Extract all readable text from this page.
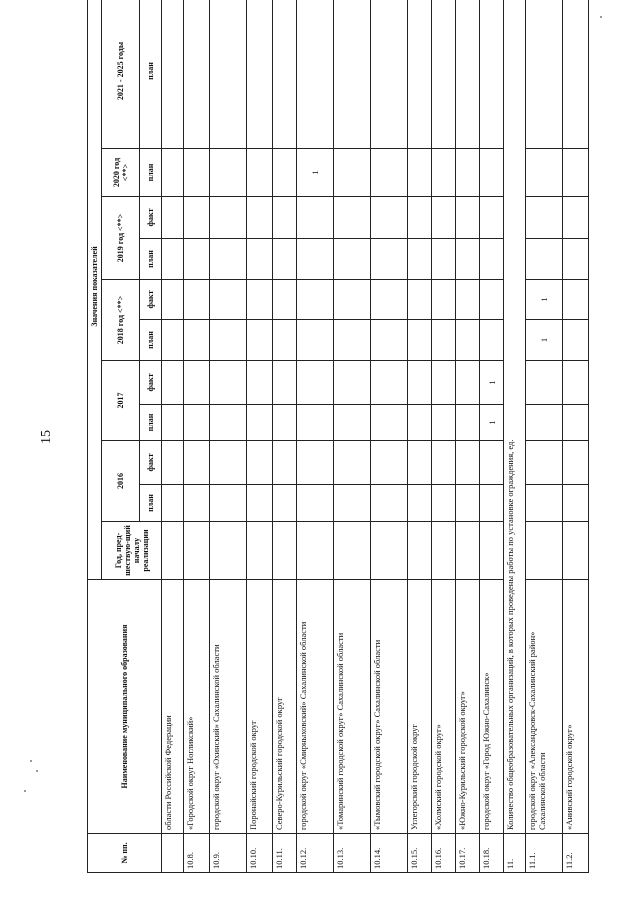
15
№ пп.	Наименование муниципального образования	Значения показателей											
		Год, пред-шествую-щий началу реализации	2016		2017		2018 год <**>		2019 год <**>		2020 год <**>	2021 - 2025 годы	
			план	факт	план	факт	план	факт	план	факт	план	план	
	области Российской Федерации												
10.8.	«Городской округ Ногликский»												
10.9.	городской округ «Охинский» Сахалинской области												
10.10.	Поронайский городской округ												
10.11.	Северо-Курильский городской округ												
10.12.	городской округ «Смирныховский» Сахалинской области										1		
10.13.	«Томаринский городской округ» Сахалинской области												
10.14.	«Тымовский городской округ» Сахалинской области												
10.15.	Углегорский городской округ												
10.16.	«Холмский городской округ»												
10.17.	«Южно-Курильский городской округ»												
10.18.	городской округ «Город Южно-Сахалинск»				1	1							
11.	Количество общеобразовательных организаций, в которых проведены работы по установке ограждения, ед.												
11.1.	городской округ «Александровск-Сахалинский район» Сахалинской области						1	1					
11.2.	«Анивский городской округ»												
